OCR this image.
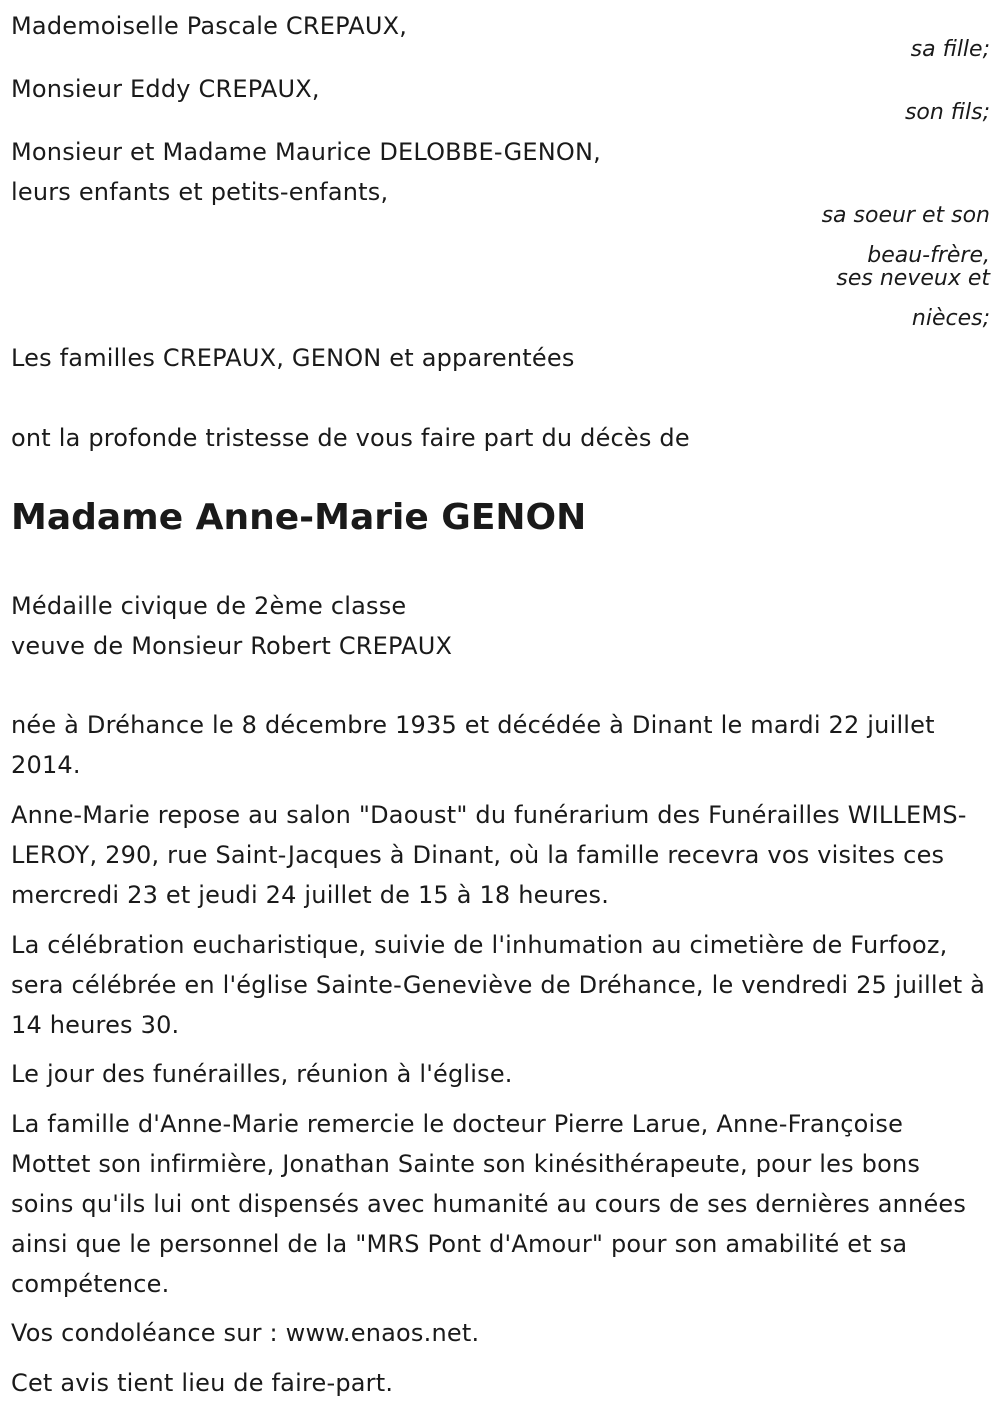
Mademoiselle Pascale CREPAUX,
sa fille;
Monsieur Eddy CREPAUX,
son fils;
Monsieur et Madame Maurice DELOBBE-GENON,
leurs enfants et petits-enfants,
sa soeur et son
beau-frère,
ses neveux et
nièces;
Les familles CREPAUX, GENON et apparentées
ont la profonde tristesse de vous faire part du décès de
Madame Anne-Marie GENON
Médaille civique de 2ème classe
veuve de Monsieur Robert CREPAUX
née à Dréhance le 8 décembre 1935 et décédée à Dinant le mardi 22 juillet 2014.
Anne-Marie repose au salon "Daoust" du funérarium des Funérailles WILLEMS-LEROY, 290, rue Saint-Jacques à Dinant, où la famille recevra vos visites ces mercredi 23 et jeudi 24 juillet de 15 à 18 heures.
La célébration eucharistique, suivie de l'inhumation au cimetière de Furfooz, sera célébrée en l'église Sainte-Geneviève de Dréhance, le vendredi 25 juillet à 14 heures 30.
Le jour des funérailles, réunion à l'église.
La famille d'Anne-Marie remercie le docteur Pierre Larue, Anne-Françoise Mottet son infirmière, Jonathan Sainte son kinésithérapeute, pour les bons soins qu'ils lui ont dispensés avec humanité au cours de ses dernières années ainsi que le personnel de la "MRS Pont d'Amour" pour son amabilité et sa compétence.
Vos condoléance sur : www.enaos.net.
Cet avis tient lieu de faire-part.
